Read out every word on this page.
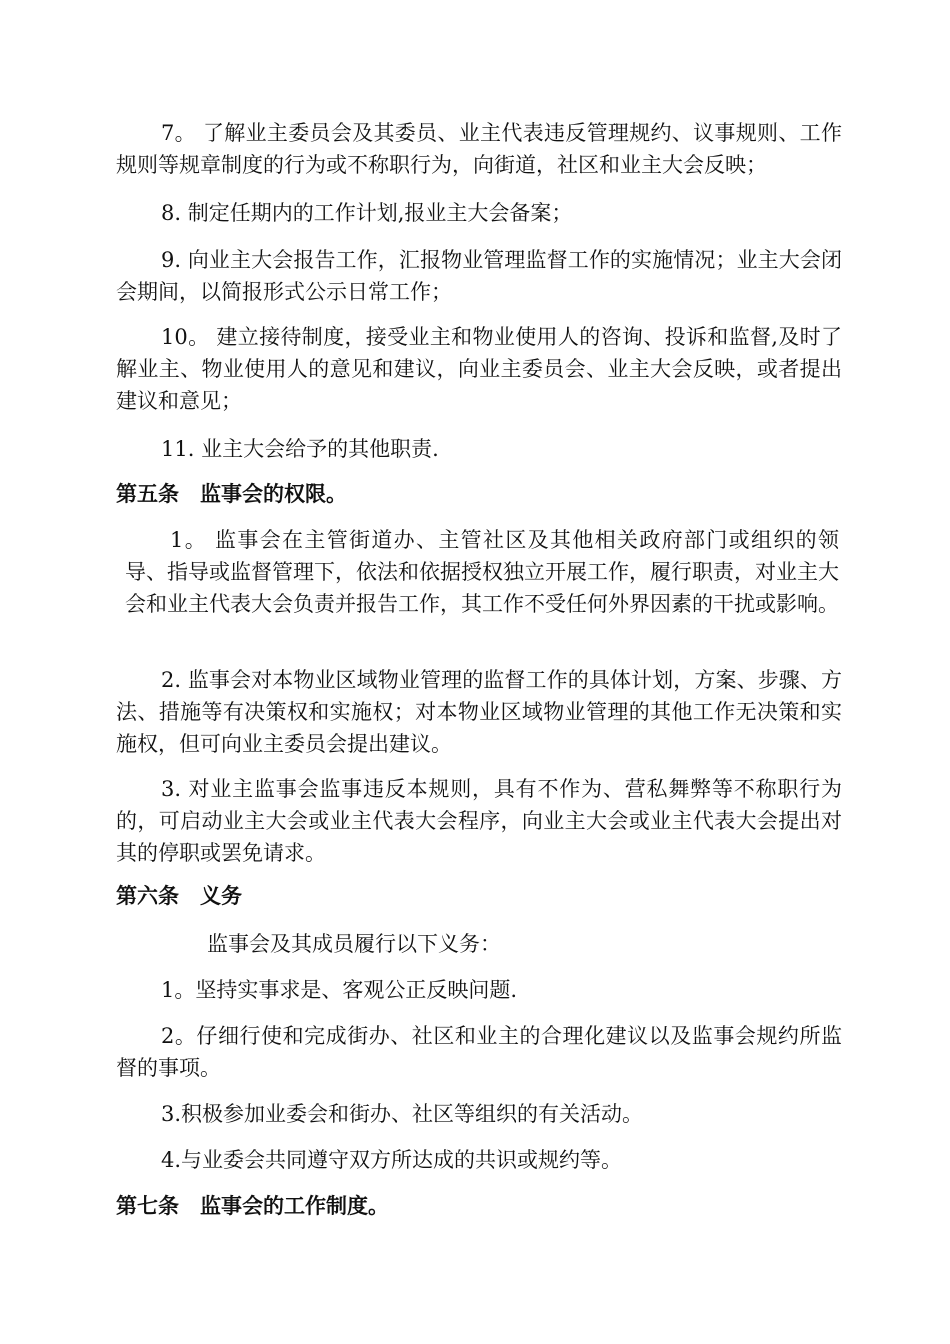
7。 了解业主委员会及其委员、业主代表违反管理规约、议事规则、工作规则等规章制度的行为或不称职行为，向街道，社区和业主大会反映；

8. 制定任期内的工作计划,报业主大会备案；

9. 向业主大会报告工作，汇报物业管理监督工作的实施情况；业主大会闭会期间，以简报形式公示日常工作；

10。 建立接待制度，接受业主和物业使用人的咨询、投诉和监督,及时了解业主、物业使用人的意见和建议，向业主委员会、业主大会反映，或者提出建议和意见；

11. 业主大会给予的其他职责.

第五条　监事会的权限。

1。 监事会在主管街道办、主管社区及其他相关政府部门或组织的领导、指导或监督管理下，依法和依据授权独立开展工作，履行职责，对业主大会和业主代表大会负责并报告工作，其工作不受任何外界因素的干扰或影响。

2. 监事会对本物业区域物业管理的监督工作的具体计划，方案、步骤、方法、措施等有决策权和实施权；对本物业区域物业管理的其他工作无决策和实施权，但可向业主委员会提出建议。

3. 对业主监事会监事违反本规则，具有不作为、营私舞弊等不称职行为的，可启动业主大会或业主代表大会程序，向业主大会或业主代表大会提出对其的停职或罢免请求。

第六条　义务

监事会及其成员履行以下义务：

1。坚持实事求是、客观公正反映问题.

2。仔细行使和完成街办、社区和业主的合理化建议以及监事会规约所监督的事项。

3.积极参加业委会和街办、社区等组织的有关活动。

4.与业委会共同遵守双方所达成的共识或规约等。

第七条　监事会的工作制度。
